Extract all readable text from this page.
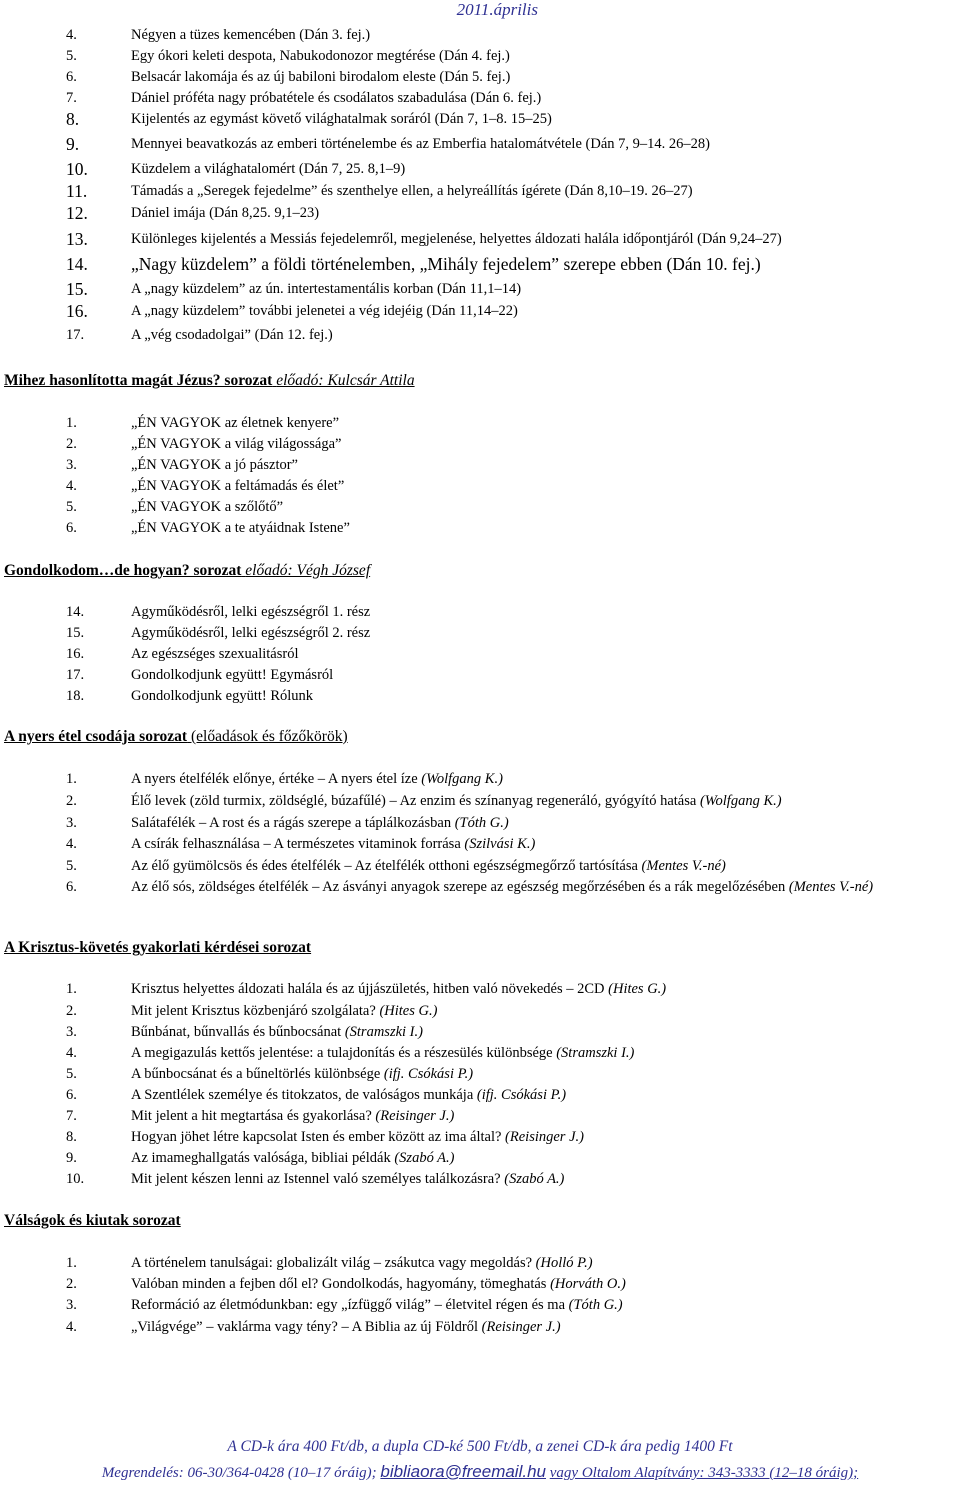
2011.április
4.	Négyen a tüzes kemencében (Dán 3. fej.)
5.	Egy ókori keleti despota, Nabukodonozor megtérése (Dán 4. fej.)
6.	Belsacár lakomája és az új babiloni birodalom eleste (Dán 5. fej.)
7.	Dániel próféta nagy próbatétele és csodálatos szabadulása (Dán 6. fej.)
8.	Kijelentés az egymást követő világhatalmak soráról (Dán 7, 1–8. 15–25)
9.	Mennyei beavatkozás az emberi történelembe és az Emberfia hatalomátvétele (Dán 7, 9–14. 26–28)
10.	Küzdelem a világhatalomért (Dán 7, 25. 8,1–9)
11.	Támadás a „Seregek fejedelme” és szenthelye ellen, a helyreállítás ígérete (Dán 8,10–19. 26–27)
12.	Dániel imája (Dán 8,25. 9,1–23)
13.	Különleges kijelentés a Messiás fejedelemről, megjelenése, helyettes áldozati halála időpontjáról (Dán 9,24–27)
14. „Nagy küzdelem” a földi történelemben, „Mihály fejedelem” szerepe ebben (Dán 10. fej.)
15.	A „nagy küzdelem” az ún. intertestamentális korban (Dán 11,1–14)
16.	A „nagy küzdelem” további jelenetei a vég idejéig (Dán 11,14–22)
17.	A „vég csodadolgai” (Dán 12. fej.)
Mihez hasonlította magát Jézus? sorozat előadó: Kulcsár Attila
1.	„ÉN VAGYOK az életnek kenyere”
2.	„ÉN VAGYOK a világ világossága”
3.	„ÉN VAGYOK a jó pásztor”
4.	„ÉN VAGYOK a feltámadás és élet”
5.	„ÉN VAGYOK a szőlőtő”
6.	„ÉN VAGYOK a te atyáidnak Istene”
Gondolkodom…de hogyan? sorozat előadó: Végh József
14.	Agyműködésről, lelki egészségről 1. rész
15.	Agyműködésről, lelki egészségről 2. rész
16.	Az egészséges szexualitásról
17.	Gondolkodjunk együtt! Egymásról
18.	Gondolkodjunk együtt! Rólunk
A nyers étel csodája sorozat (előadások és főzőkörök)
1.	A nyers ételfélék előnye, értéke – A nyers étel íze (Wolfgang K.)
2.	Élő levek (zöld turmix, zöldséglé, búzafűlé) – Az enzim és színanyag regeneráló, gyógyító hatása (Wolfgang K.)
3.	Salátafélék – A rost és a rágás szerepe a táplálkozásban (Tóth G.)
4.	A csírák felhasználása – A természetes vitaminok forrása (Szilvási K.)
5.	Az élő gyümölcsös és édes ételfélék – Az ételfélék otthoni egészségmegőrző tartósítása (Mentes V.-né)
6.	Az élő sós, zöldséges ételfélék – Az ásványi anyagok szerepe az egészség megőrzésében és a rák megelőzésében (Mentes V.-né)
A Krisztus-követés gyakorlati kérdései sorozat
1.	Krisztus helyettes áldozati halála és az újjászületés, hitben való növekedés – 2CD (Hites G.)
2.	Mit jelent Krisztus közbenjáró szolgálata? (Hites G.)
3.	Bűnbánat, bűnvallás és bűnbocsánat (Stramszki I.)
4.	A megigazulás kettős jelentése: a tulajdonítás és a részesülés különbsége (Stramszki I.)
5.	A bűnbocsánat és a bűneltörlés különbsége (ifj. Csókási P.)
6.	A Szentlélek személye és titokzatos, de valóságos munkája (ifj. Csókási P.)
7.	Mit jelent a hit megtartása és gyakorlása? (Reisinger J.)
8.	Hogyan jöhet létre kapcsolat Isten és ember között az ima által? (Reisinger J.)
9.	Az imameghallgatás valósága, bibliai példák (Szabó A.)
10.	Mit jelent készen lenni az Istennel való személyes találkozásra? (Szabó A.)
Válságok és kiutak sorozat
1.	A történelem tanulságai: globalizált világ – zsákutca vagy megoldás? (Holló P.)
2.	Valóban minden a fejben dől el? Gondolkodás, hagyomány, tömeghatás (Horváth O.)
3.	Reformáció az életmódunkban: egy „ízfüggő világ” – életvitel régen és ma (Tóth G.)
4.	„Világvége” – vaklárma vagy tény? – A Biblia az új Földről (Reisinger J.)
A CD-k ára 400 Ft/db, a dupla CD-ké 500 Ft/db, a zenei CD-k ára pedig 1400 Ft
Megrendelés: 06-30/364-0428 (10–17 óráig); bibliaora@freemail.hu vagy Oltalom Alapítvány: 343-3333 (12–18 óráig);
